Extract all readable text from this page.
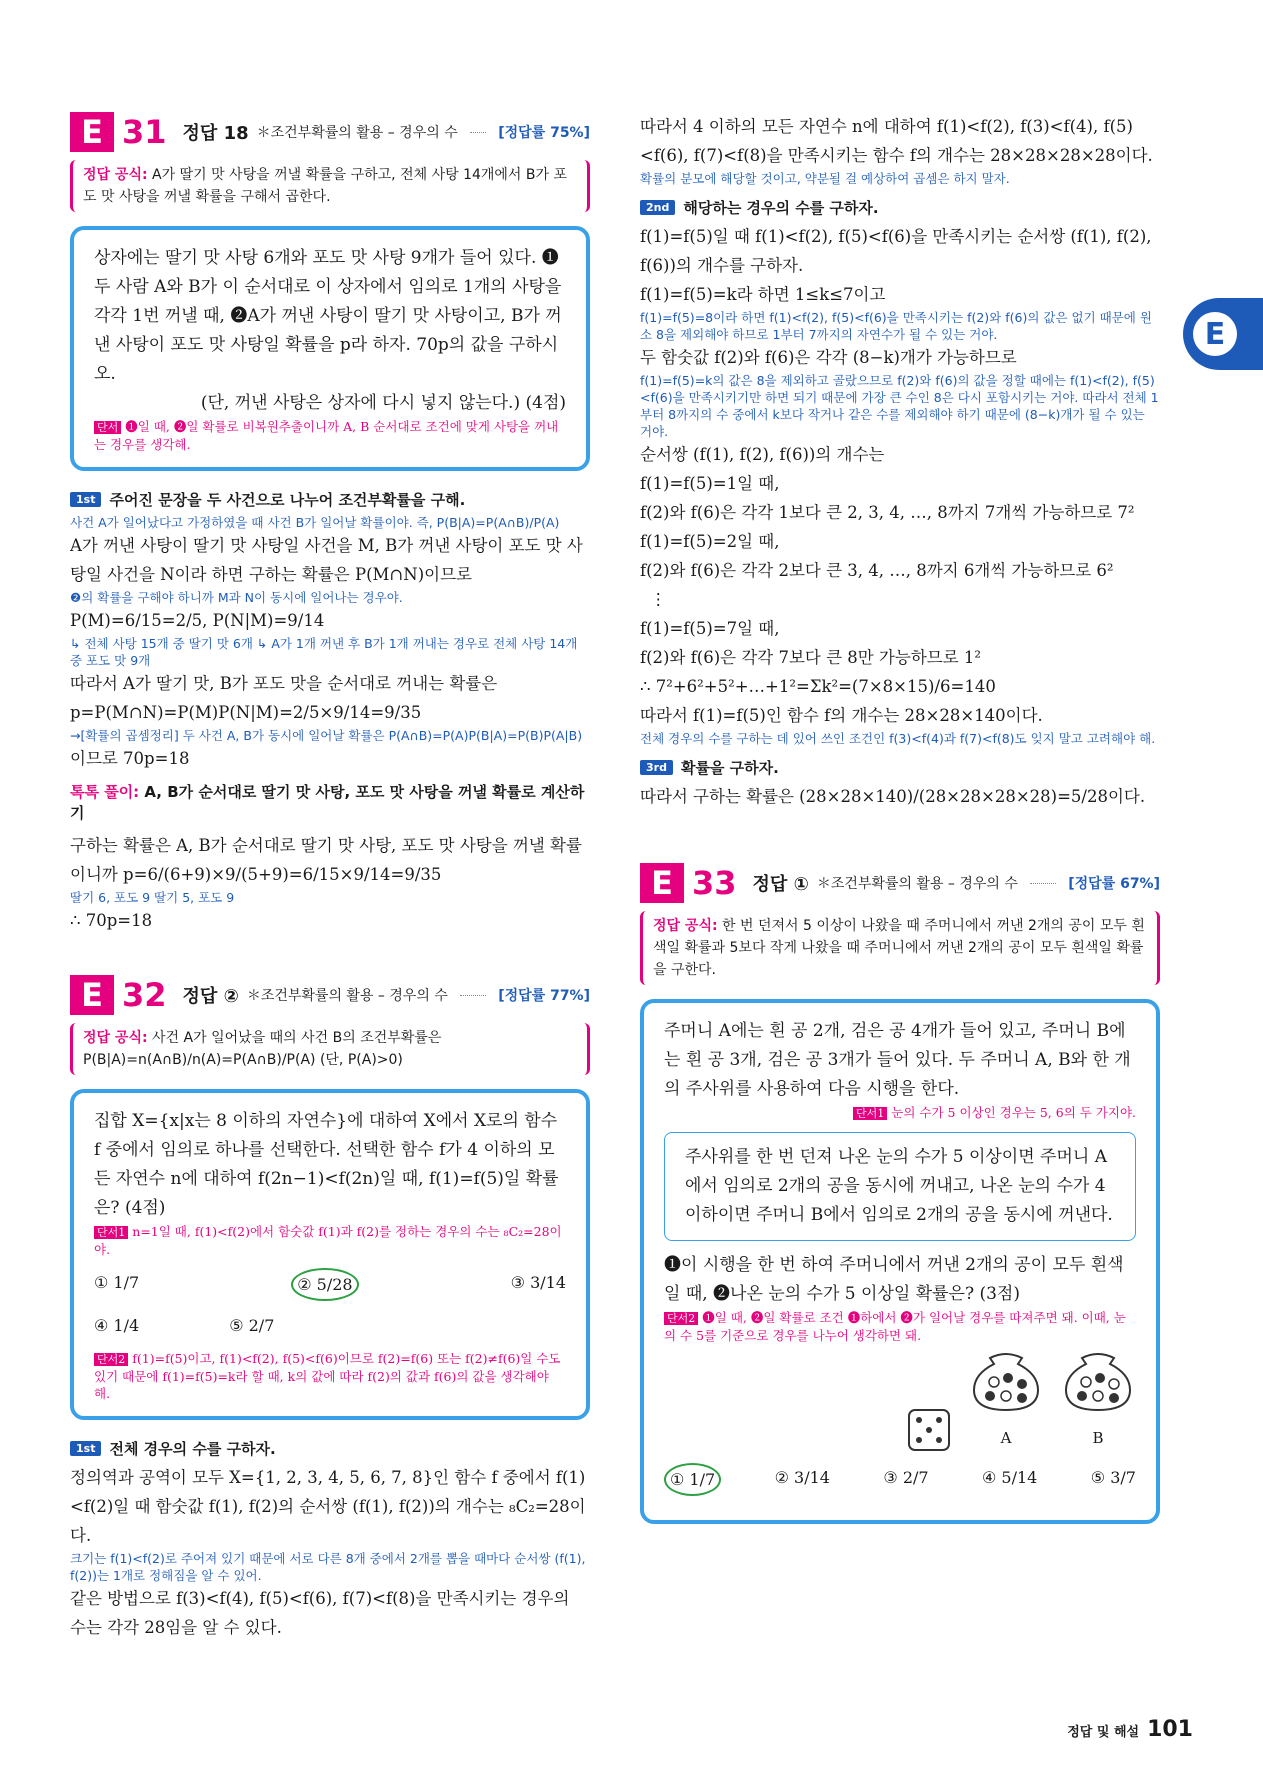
E
E 31 정답 18 ＊조건부확률의 활용 – 경우의 수	[정답률 75%]
정답 공식: A가 딸기 맛 사탕을 꺼낼 확률을 구하고, 전체 사탕 14개에서 B가 포도 맛 사탕을 꺼낼 확률을 구해서 곱한다.
상자에는 딸기 맛 사탕 6개와 포도 맛 사탕 9개가 들어 있다. ❶두 사람 A와 B가 이 순서대로 이 상자에서 임의로 1개의 사탕을 각각 1번 꺼낼 때, ❷A가 꺼낸 사탕이 딸기 맛 사탕이고, B가 꺼낸 사탕이 포도 맛 사탕일 확률을 p라 하자. 70p의 값을 구하시오.
(단, 꺼낸 사탕은 상자에 다시 넣지 않는다.) (4점)
단서 ❶일 때, ❷일 확률로 비복원추출이니까 A, B 순서대로 조건에 맞게 사탕을 꺼내는 경우를 생각해.
1st 주어진 문장을 두 사건으로 나누어 조건부확률을 구해.
사건 A가 일어났다고 가정하였을 때 사건 B가 일어날 확률이야. 즉, P(B|A)=P(A∩B)/P(A)
A가 꺼낸 사탕이 딸기 맛 사탕일 사건을 M, B가 꺼낸 사탕이 포도 맛 사탕일 사건을 N이라 하면 구하는 확률은 P(M∩N)이므로
❷의 확률을 구해야 하니까 M과 N이 동시에 일어나는 경우야.
P(M)=6/15=2/5, P(N|M)=9/14
↳ 전체 사탕 15개 중 딸기 맛 6개 ↳ A가 1개 꺼낸 후 B가 1개 꺼내는 경우로 전체 사탕 14개 중 포도 맛 9개
따라서 A가 딸기 맛, B가 포도 맛을 순서대로 꺼내는 확률은
p=P(M∩N)=P(M)P(N|M)=2/5×9/14=9/35
→[확률의 곱셈정리] 두 사건 A, B가 동시에 일어날 확률은 P(A∩B)=P(A)P(B|A)=P(B)P(A|B)
이므로 70p=18
톡톡 풀이: A, B가 순서대로 딸기 맛 사탕, 포도 맛 사탕을 꺼낼 확률로 계산하기
구하는 확률은 A, B가 순서대로 딸기 맛 사탕, 포도 맛 사탕을 꺼낼 확률이니까 p=6/(6+9)×9/(5+9)=6/15×9/14=9/35
딸기 6, 포도 9 딸기 5, 포도 9
∴ 70p=18
E 32 정답 ② ＊조건부확률의 활용 – 경우의 수	[정답률 77%]
정답 공식: 사건 A가 일어났을 때의 사건 B의 조건부확률은 P(B|A)=n(A∩B)/n(A)=P(A∩B)/P(A) (단, P(A)>0)
집합 X={x|x는 8 이하의 자연수}에 대하여 X에서 X로의 함수 f 중에서 임의로 하나를 선택한다. 선택한 함수 f가 4 이하의 모든 자연수 n에 대하여 f(2n−1)<f(2n)일 때, f(1)=f(5)일 확률은? (4점)
단서1 n=1일 때, f(1)<f(2)에서 함숫값 f(1)과 f(2)를 정하는 경우의 수는 ₈C₂=28이야.
① 1/7	② 5/28	③ 3/14
④ 1/4	⑤ 2/7
단서2 f(1)=f(5)이고, f(1)<f(2), f(5)<f(6)이므로 f(2)=f(6) 또는 f(2)≠f(6)일 수도 있기 때문에 f(1)=f(5)=k라 할 때, k의 값에 따라 f(2)의 값과 f(6)의 값을 생각해야 해.
1st 전체 경우의 수를 구하자.
정의역과 공역이 모두 X={1, 2, 3, 4, 5, 6, 7, 8}인 함수 f 중에서 f(1)<f(2)일 때 함숫값 f(1), f(2)의 순서쌍 (f(1), f(2))의 개수는 ₈C₂=28이다.
크기는 f(1)<f(2)로 주어져 있기 때문에 서로 다른 8개 중에서 2개를 뽑을 때마다 순서쌍 (f(1), f(2))는 1개로 정해짐을 알 수 있어.
같은 방법으로 f(3)<f(4), f(5)<f(6), f(7)<f(8)을 만족시키는 경우의 수는 각각 28임을 알 수 있다.
따라서 4 이하의 모든 자연수 n에 대하여 f(1)<f(2), f(3)<f(4), f(5)<f(6), f(7)<f(8)을 만족시키는 함수 f의 개수는 28×28×28×28이다.
확률의 분모에 해당할 것이고, 약분될 걸 예상하여 곱셈은 하지 말자.
2nd 해당하는 경우의 수를 구하자.
f(1)=f(5)일 때 f(1)<f(2), f(5)<f(6)을 만족시키는 순서쌍 (f(1), f(2), f(6))의 개수를 구하자.
f(1)=f(5)=k라 하면 1≤k≤7이고
f(1)=f(5)=8이라 하면 f(1)<f(2), f(5)<f(6)을 만족시키는 f(2)와 f(6)의 값은 없기 때문에 원소 8을 제외해야 하므로 1부터 7까지의 자연수가 될 수 있는 거야.
두 함숫값 f(2)와 f(6)은 각각 (8−k)개가 가능하므로
f(1)=f(5)=k의 값은 8을 제외하고 골랐으므로 f(2)와 f(6)의 값을 정할 때에는 f(1)<f(2), f(5)<f(6)을 만족시키기만 하면 되기 때문에 가장 큰 수인 8은 다시 포함시키는 거야. 따라서 전체 1부터 8까지의 수 중에서 k보다 작거나 같은 수를 제외해야 하기 때문에 (8−k)개가 될 수 있는 거야.
순서쌍 (f(1), f(2), f(6))의 개수는
f(1)=f(5)=1일 때,
f(2)와 f(6)은 각각 1보다 큰 2, 3, 4, …, 8까지 7개씩 가능하므로 7²
f(1)=f(5)=2일 때,
f(2)와 f(6)은 각각 2보다 큰 3, 4, …, 8까지 6개씩 가능하므로 6²
⋮
f(1)=f(5)=7일 때,
f(2)와 f(6)은 각각 7보다 큰 8만 가능하므로 1²
∴ 7²+6²+5²+…+1²=Σk²=(7×8×15)/6=140
따라서 f(1)=f(5)인 함수 f의 개수는 28×28×140이다.
전체 경우의 수를 구하는 데 있어 쓰인 조건인 f(3)<f(4)과 f(7)<f(8)도 잊지 말고 고려해야 해.
3rd 확률을 구하자.
따라서 구하는 확률은 (28×28×140)/(28×28×28×28)=5/28이다.
E 33 정답 ① ＊조건부확률의 활용 – 경우의 수	[정답률 67%]
정답 공식: 한 번 던져서 5 이상이 나왔을 때 주머니에서 꺼낸 2개의 공이 모두 흰색일 확률과 5보다 작게 나왔을 때 주머니에서 꺼낸 2개의 공이 모두 흰색일 확률을 구한다.
주머니 A에는 흰 공 2개, 검은 공 4개가 들어 있고, 주머니 B에는 흰 공 3개, 검은 공 3개가 들어 있다. 두 주머니 A, B와 한 개의 주사위를 사용하여 다음 시행을 한다.
단서1 눈의 수가 5 이상인 경우는 5, 6의 두 가지야.
주사위를 한 번 던져 나온 눈의 수가 5 이상이면 주머니 A에서 임의로 2개의 공을 동시에 꺼내고, 나온 눈의 수가 4 이하이면 주머니 B에서 임의로 2개의 공을 동시에 꺼낸다.
❶이 시행을 한 번 하여 주머니에서 꺼낸 2개의 공이 모두 흰색일 때, ❷나온 눈의 수가 5 이상일 확률은? (3점)
단서2 ❶일 때, ❷일 확률로 조건 ❶하에서 ❷가 일어날 경우를 따져주면 돼. 이때, 눈의 수 5를 기준으로 경우를 나누어 생각하면 돼.
A	B
① 1/7	② 3/14	③ 2/7	④ 5/14	⑤ 3/7
정답 및 해설 101
